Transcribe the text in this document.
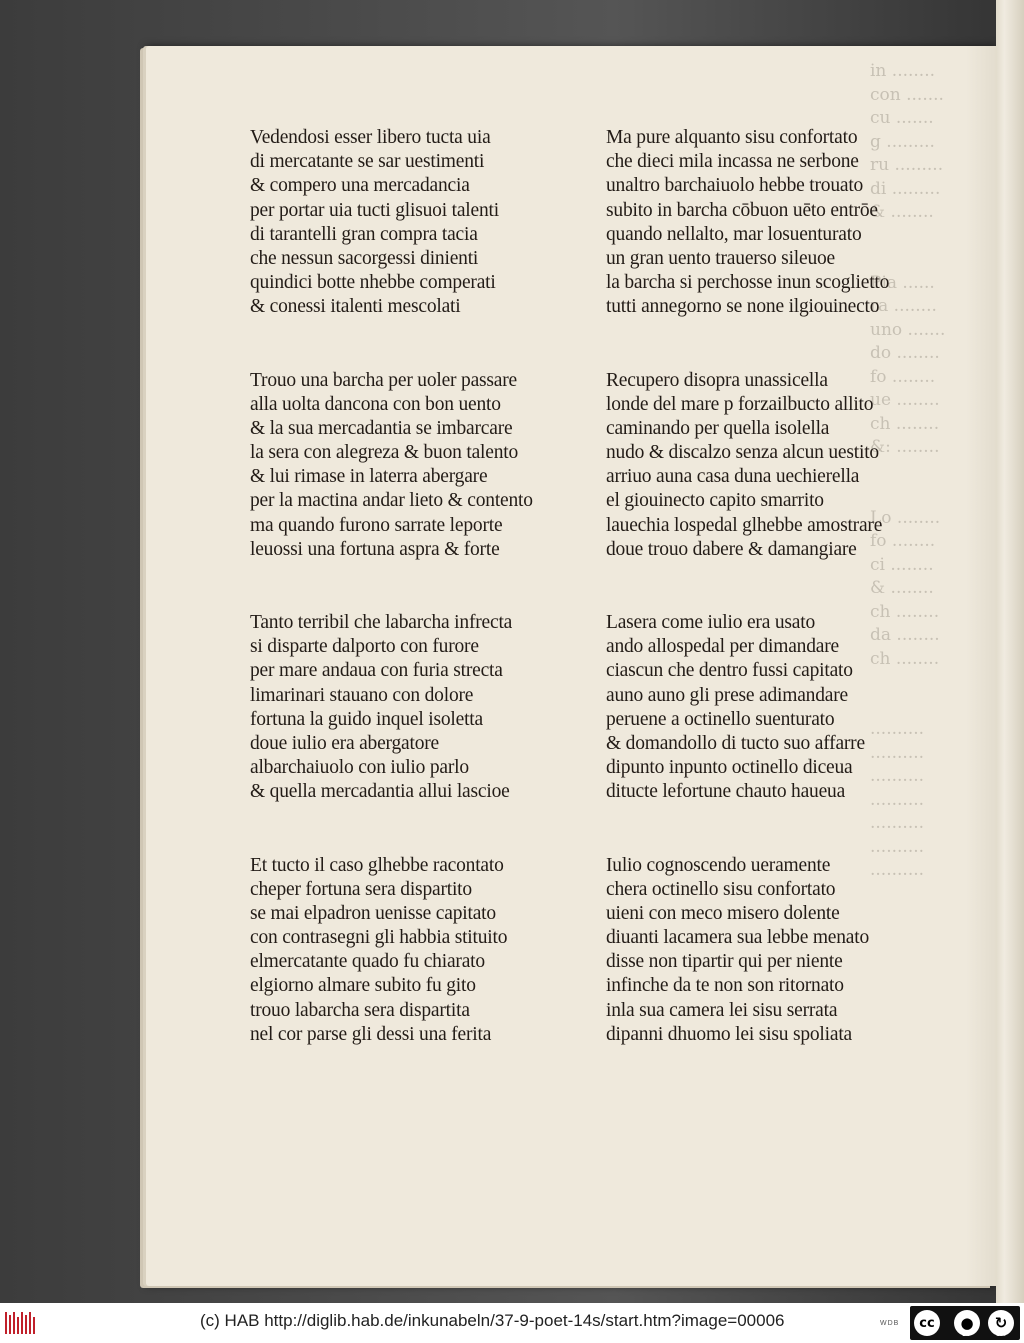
in ........
con .......
cu .......
g .........
ru .........
di .........
& ........

Pia ......
ra ........
uno .......
do ........
fo ........
ue ........
ch ........
&: ........

Lo ........
fo ........
ci ........
& ........
ch ........
da ........
ch ........

..........
..........
..........
..........
..........
..........
..........
Vedendosi esser libero tucta uia
di mercatante se sar uestimenti
& compero una mercadancia
per portar uia tucti glisuoi talenti
di tarantelli gran compra tacia
che nessun sacorgessi dinienti
quindici botte nhebbe comperati
& conessi italenti mescolati
Trouo una barcha per uoler passare
alla uolta dancona con bon uento
& la sua mercadantia se imbarcare
la sera con alegreza & buon talento
& lui rimase in laterra abergare
per la mactina andar lieto & contento
ma quando furono sarrate leporte
leuossi una fortuna aspra & forte
Tanto terribil che labarcha infrecta
si disparte dalporto con furore
per mare andaua con furia strecta
limarinari stauano con dolore
fortuna la guido inquel isoletta
doue iulio era abergatore
albarchaiuolo con iulio parlo
& quella mercadantia allui lascioe
Et tucto il caso glhebbe racontato
cheper fortuna sera dispartito
se mai elpadron uenisse capitato
con contrasegni gli habbia stituito
elmercatante quado fu chiarato
elgiorno almare subito fu gito
trouo labarcha sera dispartita
nel cor parse gli dessi una ferita
Ma pure alquanto sisu confortato
che dieci mila incassa ne serbone
unaltro barchaiuolo hebbe trouato
subito in barcha cōbuon uēto entrōe
quando nellalto, mar losuenturato
un gran uento trauerso sileuoe
la barcha si perchosse inun scoglietto
tutti annegorno se none ilgiouinecto
Recupero disopra unassicella
londe del mare p forzailbucto allito
caminando per quella isolella
nudo & discalzo senza alcun uestito
arriuo auna casa duna uechierella
el giouinecto capito smarrito
lauechia lospedal glhebbe amostrare
doue trouo dabere & damangiare
Lasera come iulio era usato
ando allospedal per dimandare
ciascun che dentro fussi capitato
auno auno gli prese adimandare
peruene a octinello suenturato
& domandollo di tucto suo affarre
dipunto inpunto octinello diceua
ditucte lefortune chauto haueua
Iulio cognoscendo ueramente
chera octinello sisu confortato
uieni con meco misero dolente
diuanti lacamera sua lebbe menato
disse non tipartir qui per niente
infinche da te non son ritornato
inla sua camera lei sisu serrata
dipanni dhuomo lei sisu spoliata
(c) HAB http://diglib.hab.de/inkunabeln/37-9-poet-14s/start.htm?image=00006	WDB	cc	●	↻
BY	SA
